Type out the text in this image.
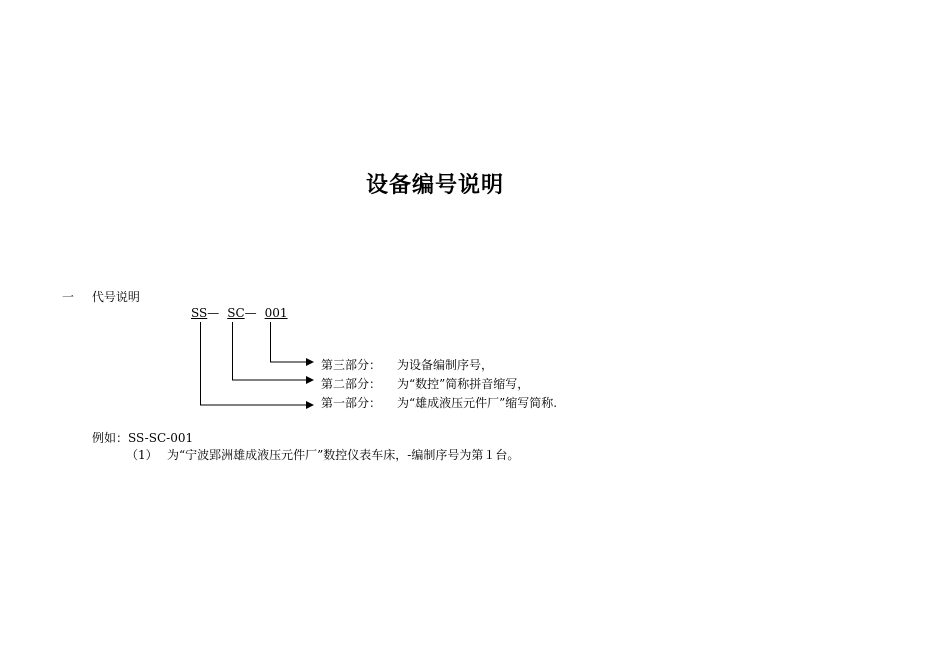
设备编号说明
一 代号说明
SS— SC— 001
第三部分： 为设备编制序号，
第二部分： 为“数控”简称拼音缩写，
第一部分： 为“雄成液压元件厂”缩写简称.
例如：SS-SC-001
（1） 为“宁波郢洲雄成液压元件厂”数控仪表车床，-编制序号为第１台。
